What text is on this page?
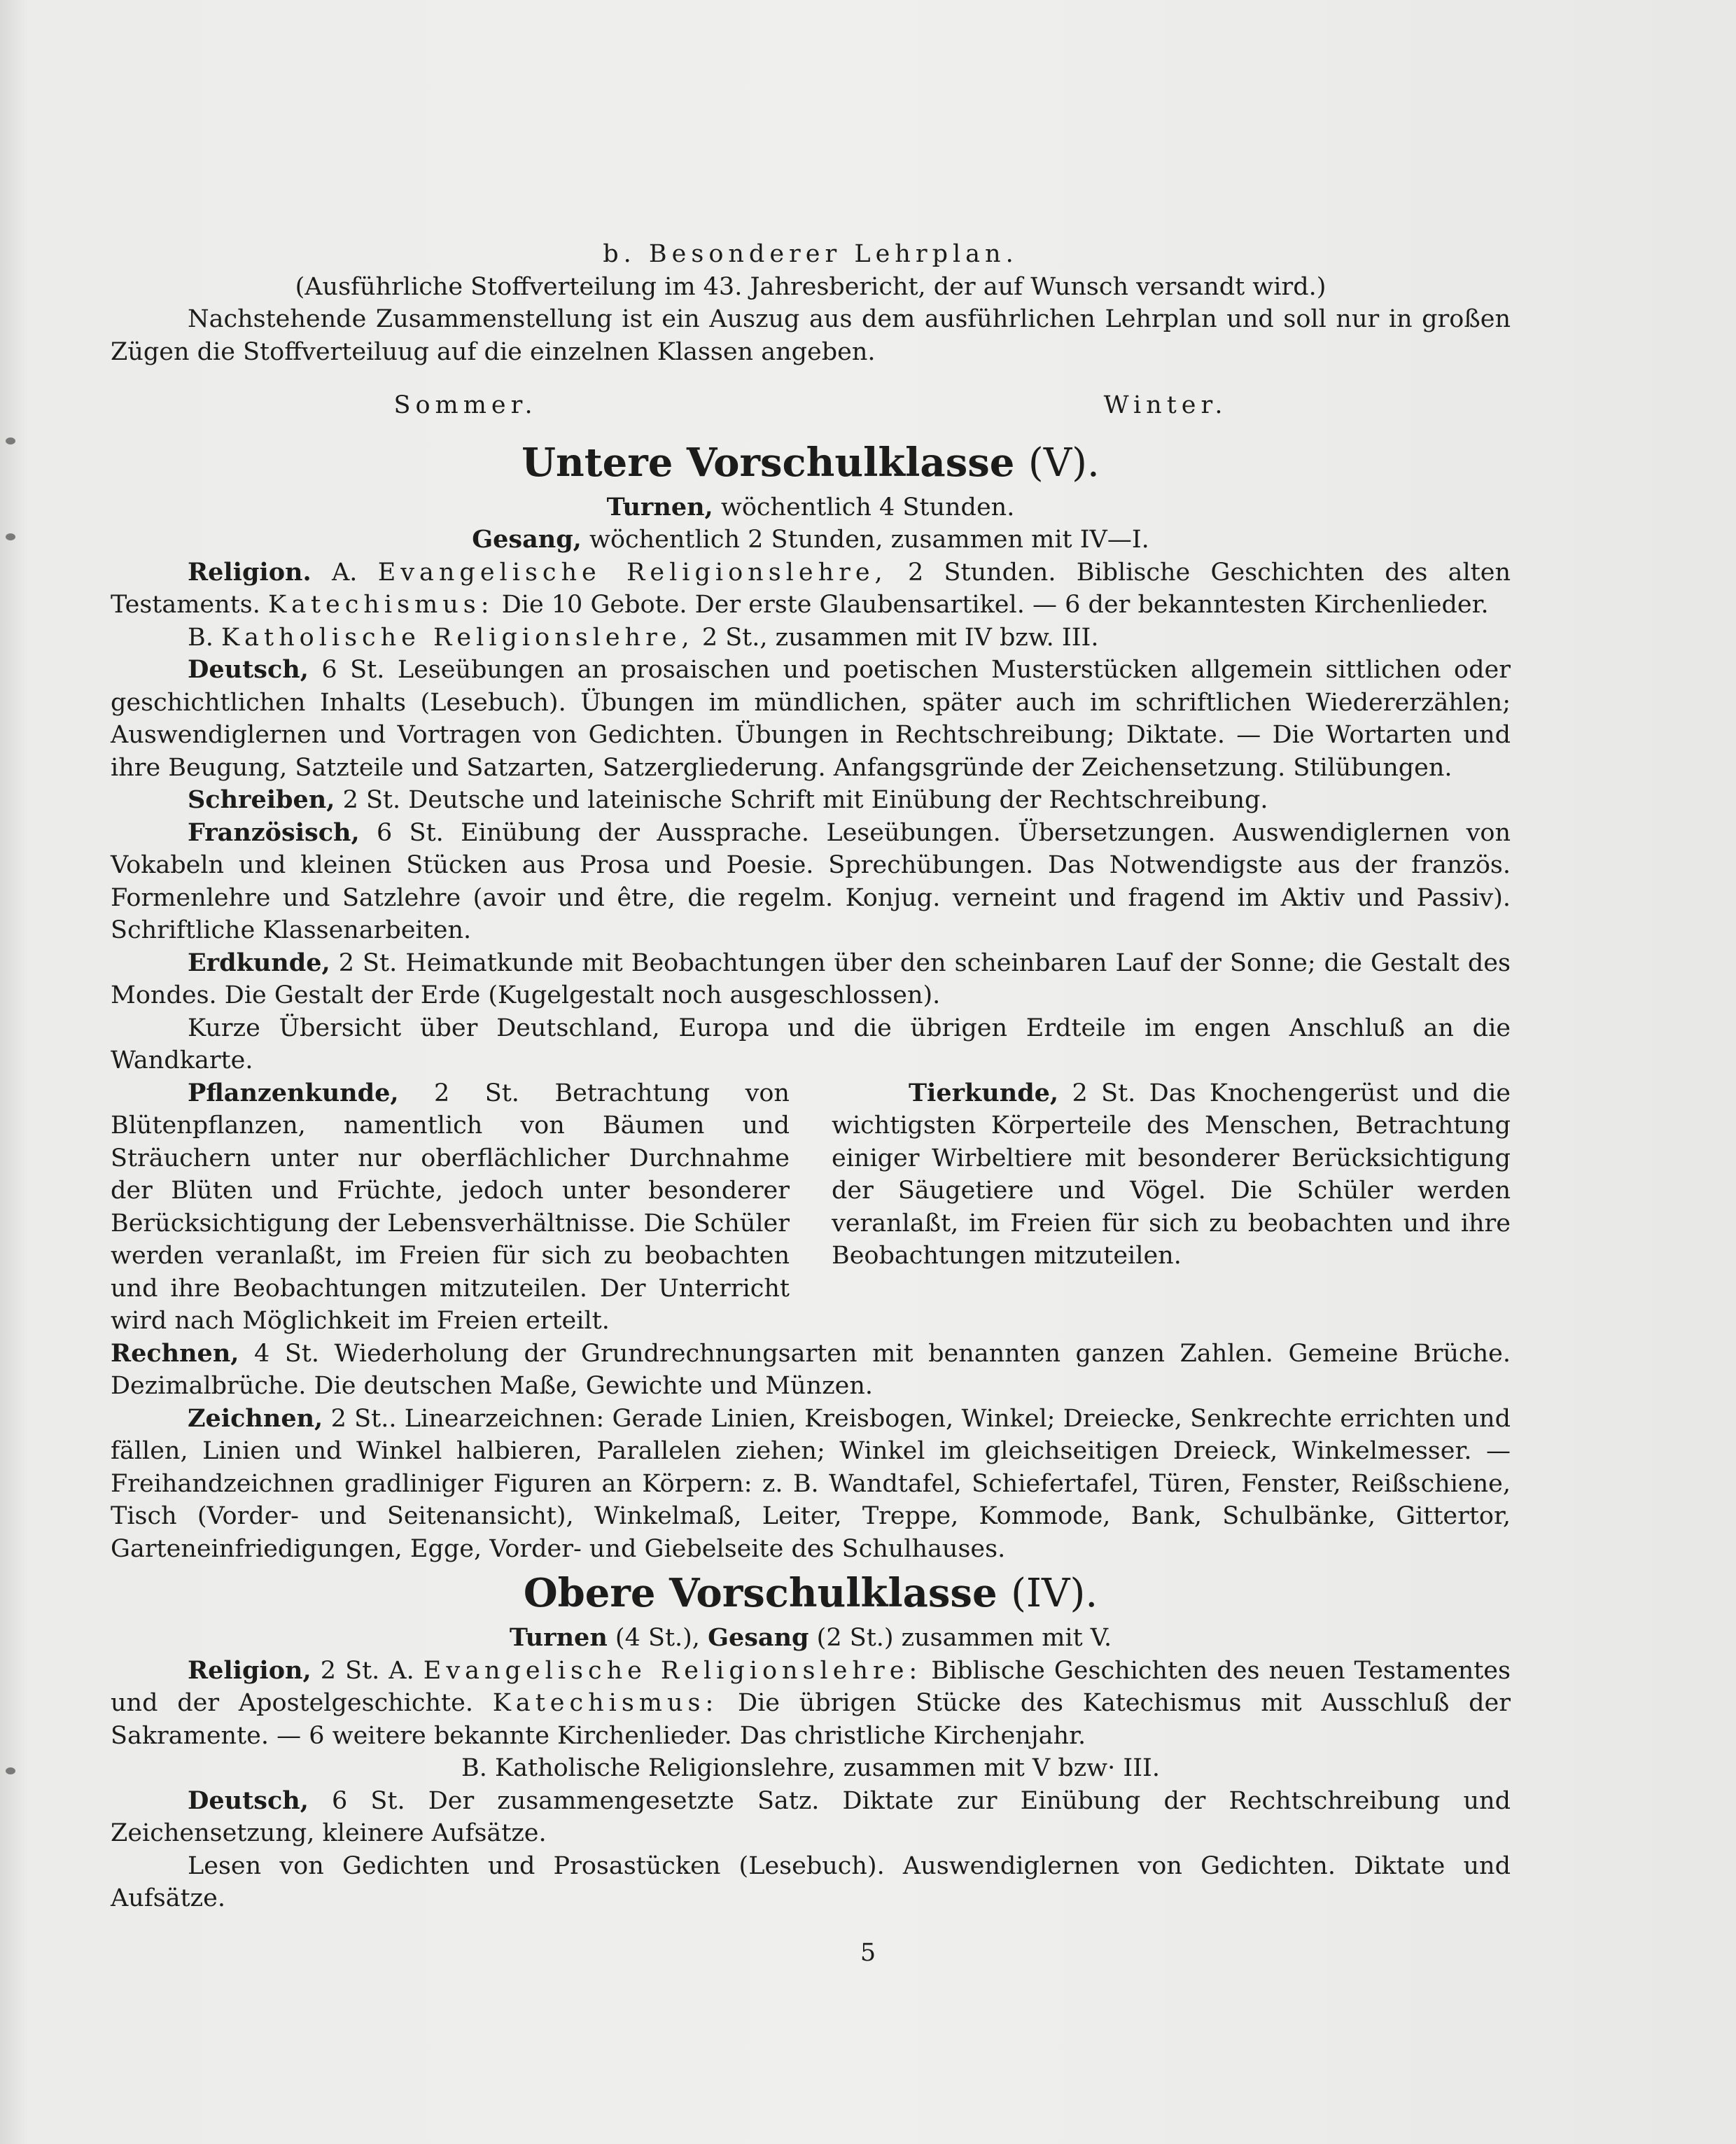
b. Besonderer Lehrplan.

(Ausführliche Stoffverteilung im 43. Jahresbericht, der auf Wunsch versandt wird.)

Nachstehende Zusammenstellung ist ein Auszug aus dem ausführlichen Lehrplan und soll nur in großen Zügen die Stoffverteiluug auf die einzelnen Klassen angeben.

Sommer.	Winter.

Untere Vorschulklasse (V).

Turnen, wöchentlich 4 Stunden.

Gesang, wöchentlich 2 Stunden, zusammen mit IV—I.

Religion. A. Evangelische Religionslehre, 2 Stunden. Biblische Geschichten des alten Testaments. Katechismus: Die 10 Gebote. Der erste Glaubensartikel. — 6 der bekanntesten Kirchenlieder.

B. Katholische Religionslehre, 2 St., zusammen mit IV bzw. III.

Deutsch, 6 St. Leseübungen an prosaischen und poetischen Musterstücken allgemein sittlichen oder geschichtlichen Inhalts (Lesebuch). Übungen im mündlichen, später auch im schriftlichen Wiedererzählen; Auswendiglernen und Vortragen von Gedichten. Übungen in Rechtschreibung; Diktate. — Die Wortarten und ihre Beugung, Satzteile und Satzarten, Satzergliederung. Anfangsgründe der Zeichensetzung. Stilübungen.

Schreiben, 2 St. Deutsche und lateinische Schrift mit Einübung der Rechtschreibung.

Französisch, 6 St. Einübung der Aussprache. Leseübungen. Übersetzungen. Auswendiglernen von Vokabeln und kleinen Stücken aus Prosa und Poesie. Sprechübungen. Das Notwendigste aus der französ. Formenlehre und Satzlehre (avoir und être, die regelm. Konjug. verneint und fragend im Aktiv und Passiv). Schriftliche Klassenarbeiten.

Erdkunde, 2 St. Heimatkunde mit Beobachtungen über den scheinbaren Lauf der Sonne; die Gestalt des Mondes. Die Gestalt der Erde (Kugelgestalt noch ausgeschlossen).

Kurze Übersicht über Deutschland, Europa und die übrigen Erdteile im engen Anschluß an die Wandkarte.

Pflanzenkunde, 2 St. Betrachtung von Blütenpflanzen, namentlich von Bäumen und Sträuchern unter nur oberflächlicher Durchnahme der Blüten und Früchte, jedoch unter besonderer Berücksichtigung der Lebensverhältnisse. Die Schüler werden veranlaßt, im Freien für sich zu beobachten und ihre Beobachtungen mitzuteilen. Der Unterricht wird nach Möglichkeit im Freien erteilt.

Tierkunde, 2 St. Das Knochengerüst und die wichtigsten Körperteile des Menschen, Betrachtung einiger Wirbeltiere mit besonderer Berücksichtigung der Säugetiere und Vögel. Die Schüler werden veranlaßt, im Freien für sich zu beobachten und ihre Beobachtungen mitzuteilen.

Rechnen, 4 St. Wiederholung der Grundrechnungsarten mit benannten ganzen Zahlen. Gemeine Brüche. Dezimalbrüche. Die deutschen Maße, Gewichte und Münzen.

Zeichnen, 2 St.. Linearzeichnen: Gerade Linien, Kreisbogen, Winkel; Dreiecke, Senkrechte errichten und fällen, Linien und Winkel halbieren, Parallelen ziehen; Winkel im gleichseitigen Dreieck, Winkelmesser. — Freihandzeichnen gradliniger Figuren an Körpern: z. B. Wandtafel, Schiefertafel, Türen, Fenster, Reißschiene, Tisch (Vorder- und Seitenansicht), Winkelmaß, Leiter, Treppe, Kommode, Bank, Schulbänke, Gittertor, Garteneinfriedigungen, Egge, Vorder- und Giebelseite des Schulhauses.

Obere Vorschulklasse (IV).

Turnen (4 St.), Gesang (2 St.) zusammen mit V.

Religion, 2 St. A. Evangelische Religionslehre: Biblische Geschichten des neuen Testamentes und der Apostelgeschichte. Katechismus: Die übrigen Stücke des Katechismus mit Ausschluß der Sakramente. — 6 weitere bekannte Kirchenlieder. Das christliche Kirchenjahr.

B. Katholische Religionslehre, zusammen mit V bzw· III.

Deutsch, 6 St. Der zusammengesetzte Satz. Diktate zur Einübung der Rechtschreibung und Zeichensetzung, kleinere Aufsätze.

Lesen von Gedichten und Prosastücken (Lesebuch). Auswendiglernen von Gedichten. Diktate und Aufsätze.

5
